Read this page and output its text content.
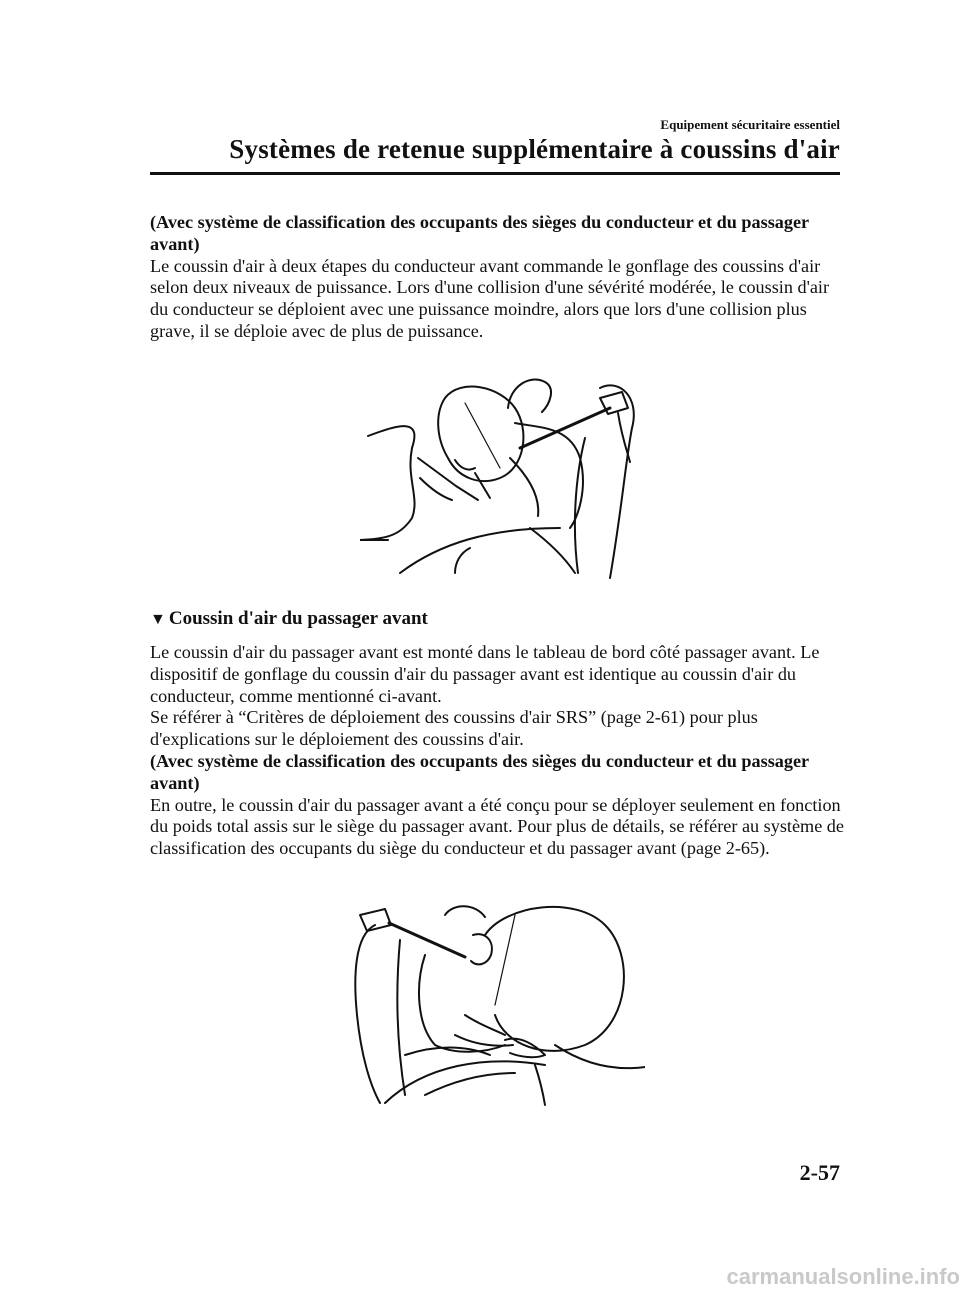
Equipement sécuritaire essentiel
Systèmes de retenue supplémentaire à coussins d'air

(Avec système de classification des occupants des sièges du conducteur et du passager avant)

Le coussin d'air à deux étapes du conducteur avant commande le gonflage des coussins d'air selon deux niveaux de puissance. Lors d'une collision d'une sévérité modérée, le coussin d'air du conducteur se déploient avec une puissance moindre, alors que lors d'une collision plus grave, il se déploie avec de plus de puissance.

▼ Coussin d'air du passager avant

Le coussin d'air du passager avant est monté dans le tableau de bord côté passager avant. Le dispositif de gonflage du coussin d'air du passager avant est identique au coussin d'air du conducteur, comme mentionné ci-avant.

Se référer à “Critères de déploiement des coussins d'air SRS” (page 2-61) pour plus d'explications sur le déploiement des coussins d'air.

(Avec système de classification des occupants des sièges du conducteur et du passager avant)

En outre, le coussin d'air du passager avant a été conçu pour se déployer seulement en fonction du poids total assis sur le siège du passager avant. Pour plus de détails, se référer au système de classification des occupants du siège du conducteur et du passager avant (page 2-65).

2-57
carmanualsonline.info
